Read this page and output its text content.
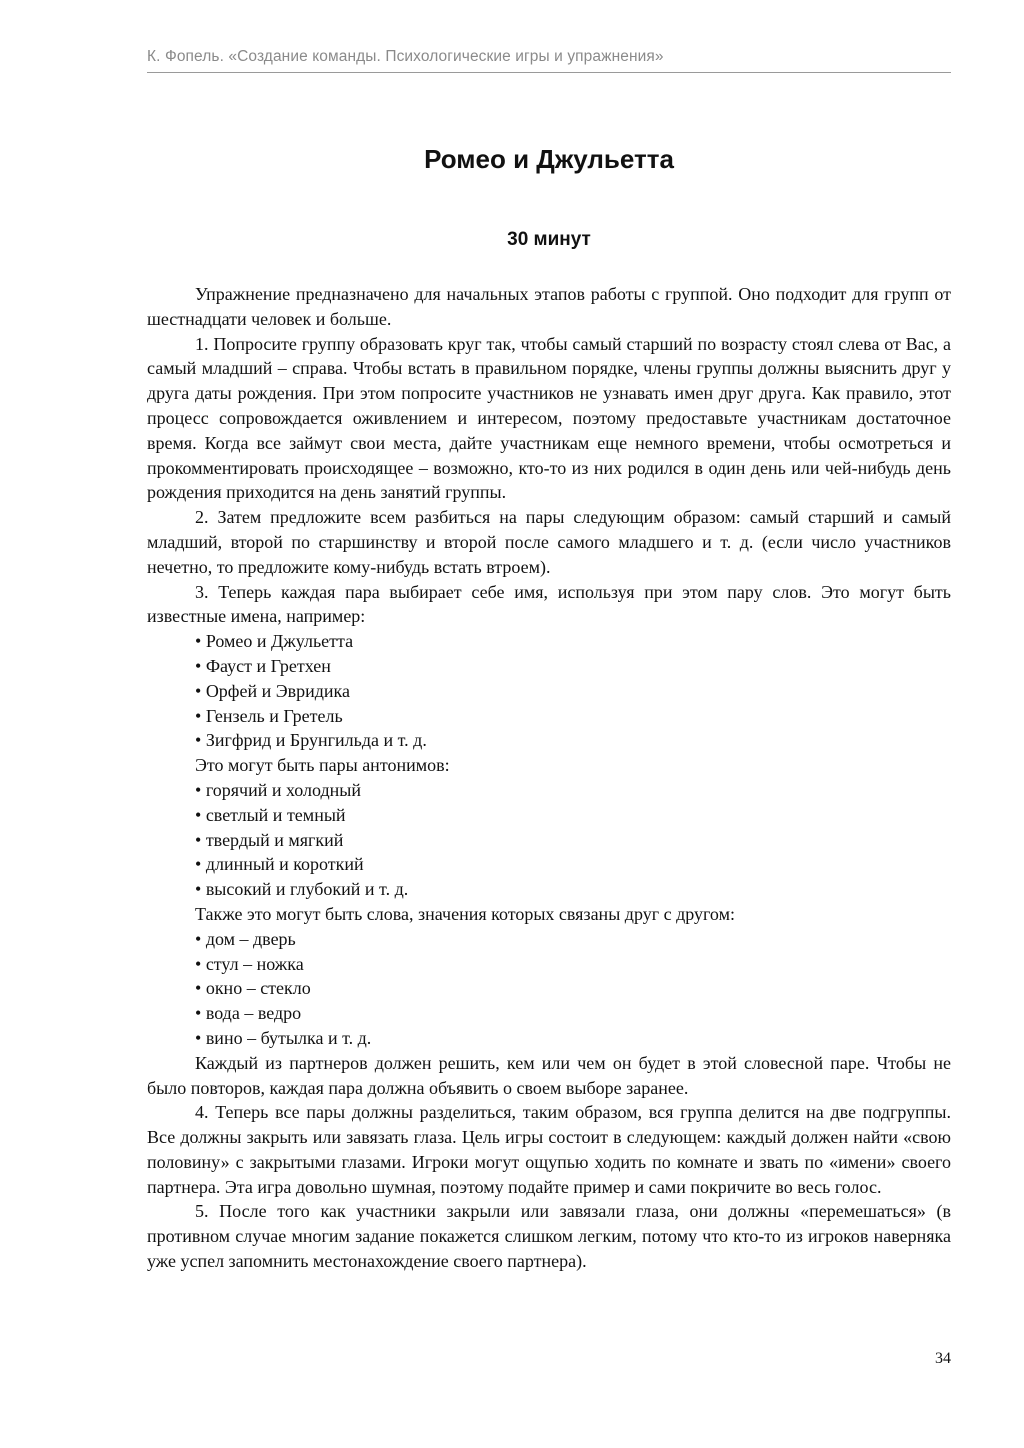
К. Фопель. «Создание команды. Психологические игры и упражнения»
Ромео и Джульетта
30 минут

Упражнение предназначено для начальных этапов работы с группой. Оно подходит для групп от шестнадцати человек и больше.

1. Попросите группу образовать круг так, чтобы самый старший по возрасту стоял слева от Вас, а самый младший – справа. Чтобы встать в правильном порядке, члены группы должны выяснить друг у друга даты рождения. При этом попросите участников не узнавать имен друг друга. Как правило, этот процесс сопровождается оживлением и интересом, поэтому предоставьте участникам достаточное время. Когда все займут свои места, дайте участникам еще немного времени, чтобы осмотреться и прокомментировать происходящее – возможно, кто-то из них родился в один день или чей-нибудь день рождения приходится на день занятий группы.

2. Затем предложите всем разбиться на пары следующим образом: самый старший и самый младший, второй по старшинству и второй после самого младшего и т. д. (если число участников нечетно, то предложите кому-нибудь встать втроем).

3. Теперь каждая пара выбирает себе имя, используя при этом пару слов. Это могут быть известные имена, например:

• Ромео и Джульетта
• Фауст и Гретхен
• Орфей и Эвридика
• Гензель и Гретель
• Зигфрид и Брунгильда и т. д.
Это могут быть пары антонимов:
• горячий и холодный
• светлый и темный
• твердый и мягкий
• длинный и короткий
• высокий и глубокий и т. д.
Также это могут быть слова, значения которых связаны друг с другом:
• дом – дверь
• стул – ножка
• окно – стекло
• вода – ведро
• вино – бутылка и т. д.

Каждый из партнеров должен решить, кем или чем он будет в этой словесной паре. Чтобы не было повторов, каждая пара должна объявить о своем выборе заранее.

4. Теперь все пары должны разделиться, таким образом, вся группа делится на две подгруппы. Все должны закрыть или завязать глаза. Цель игры состоит в следующем: каждый должен найти «свою половину» с закрытыми глазами. Игроки могут ощупью ходить по комнате и звать по «имени» своего партнера. Эта игра довольно шумная, поэтому подайте пример и сами покричите во весь голос.

5. После того как участники закрыли или завязали глаза, они должны «перемешаться» (в противном случае многим задание покажется слишком легким, потому что кто-то из игроков наверняка уже успел запомнить местонахождение своего партнера).

34
